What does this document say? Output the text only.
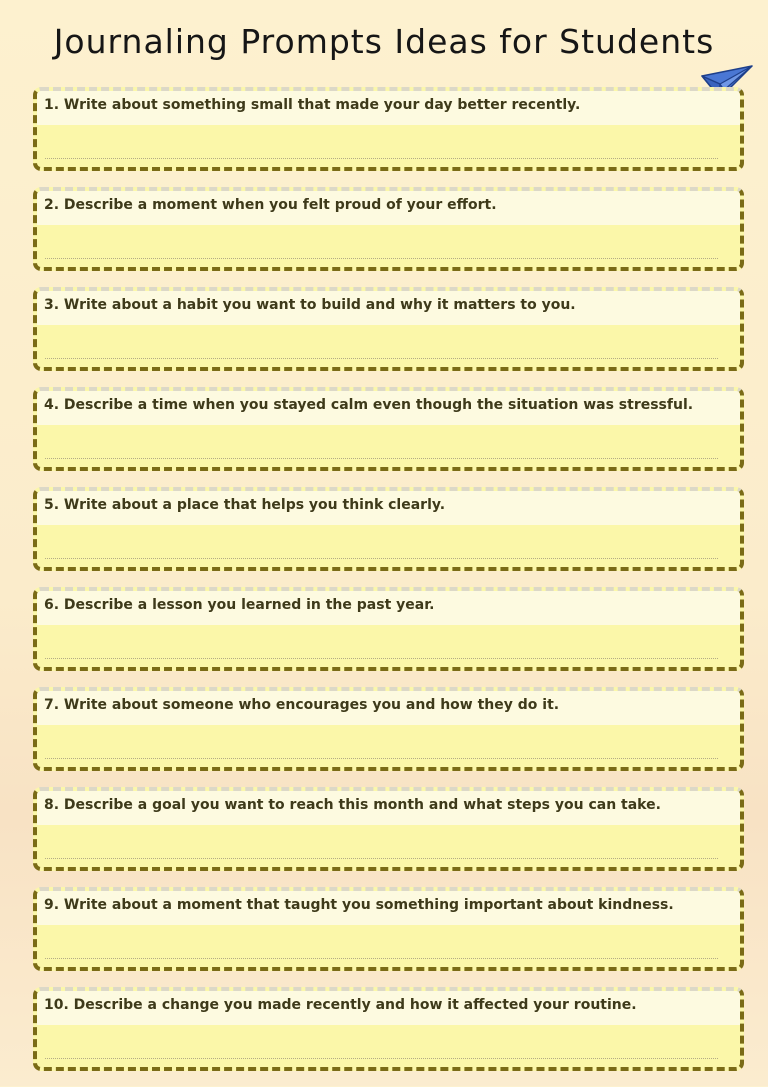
Journaling Prompts Ideas for Students
1. Write about something small that made your day better recently.
2. Describe a moment when you felt proud of your effort.
3. Write about a habit you want to build and why it matters to you.
4. Describe a time when you stayed calm even though the situation was stressful.
5. Write about a place that helps you think clearly.
6. Describe a lesson you learned in the past year.
7. Write about someone who encourages you and how they do it.
8. Describe a goal you want to reach this month and what steps you can take.
9. Write about a moment that taught you something important about kindness.
10. Describe a change you made recently and how it affected your routine.
